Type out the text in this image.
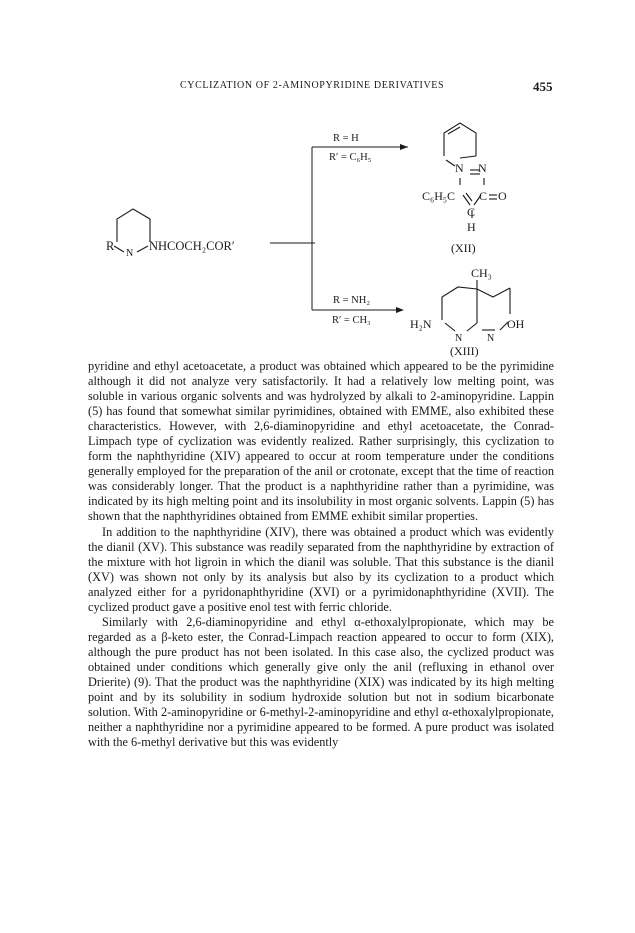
CYCLIZATION OF 2-AMINOPYRIDINE DERIVATIVES	455
R
N
NHCOCH₂COR′
R = H
R′ = C₆H₅
R = NH₂
R′ = CH₃
N N
C₆H₅C C O
C
H
(XII)
CH₃
H₂N
N N
OH
(XIII)

pyridine and ethyl acetoacetate, a product was obtained which appeared to be the pyrimidine although it did not analyze very satisfactorily. It had a relatively low melting point, was soluble in various organic solvents and was hydrolyzed by alkali to 2-aminopyridine. Lappin (5) has found that somewhat similar pyrimidines, obtained with EMME, also exhibited these characteristics. However, with 2,6-diaminopyridine and ethyl acetoacetate, the Conrad-Limpach type of cyclization was evidently realized. Rather surprisingly, this cyclization to form the naphthyridine (XIV) appeared to occur at room temperature under the conditions generally employed for the preparation of the anil or crotonate, except that the time of reaction was considerably longer. That the product is a naphthyridine rather than a pyrimidine, was indicated by its high melting point and its insolubility in most organic solvents. Lappin (5) has shown that the naphthyridines obtained from EMME exhibit similar properties.

In addition to the naphthyridine (XIV), there was obtained a product which was evidently the dianil (XV). This substance was readily separated from the naphthyridine by extraction of the mixture with hot ligroin in which the dianil was soluble. That this substance is the dianil (XV) was shown not only by its analysis but also by its cyclization to a product which analyzed either for a pyridonaphthyridine (XVI) or a pyrimidonaphthyridine (XVII). The cyclized product gave a positive enol test with ferric chloride.

Similarly with 2,6-diaminopyridine and ethyl α-ethoxalylpropionate, which may be regarded as a β-keto ester, the Conrad-Limpach reaction appeared to occur to form (XIX), although the pure product has not been isolated. In this case also, the cyclized product was obtained under conditions which generally give only the anil (refluxing in ethanol over Drierite) (9). That the product was the naphthyridine (XIX) was indicated by its high melting point and by its solubility in sodium hydroxide solution but not in sodium bicarbonate solution. With 2-aminopyridine or 6-methyl-2-aminopyridine and ethyl α-ethoxalylpropionate, neither a naphthyridine nor a pyrimidine appeared to be formed. A pure product was isolated with the 6-methyl derivative but this was evidently
